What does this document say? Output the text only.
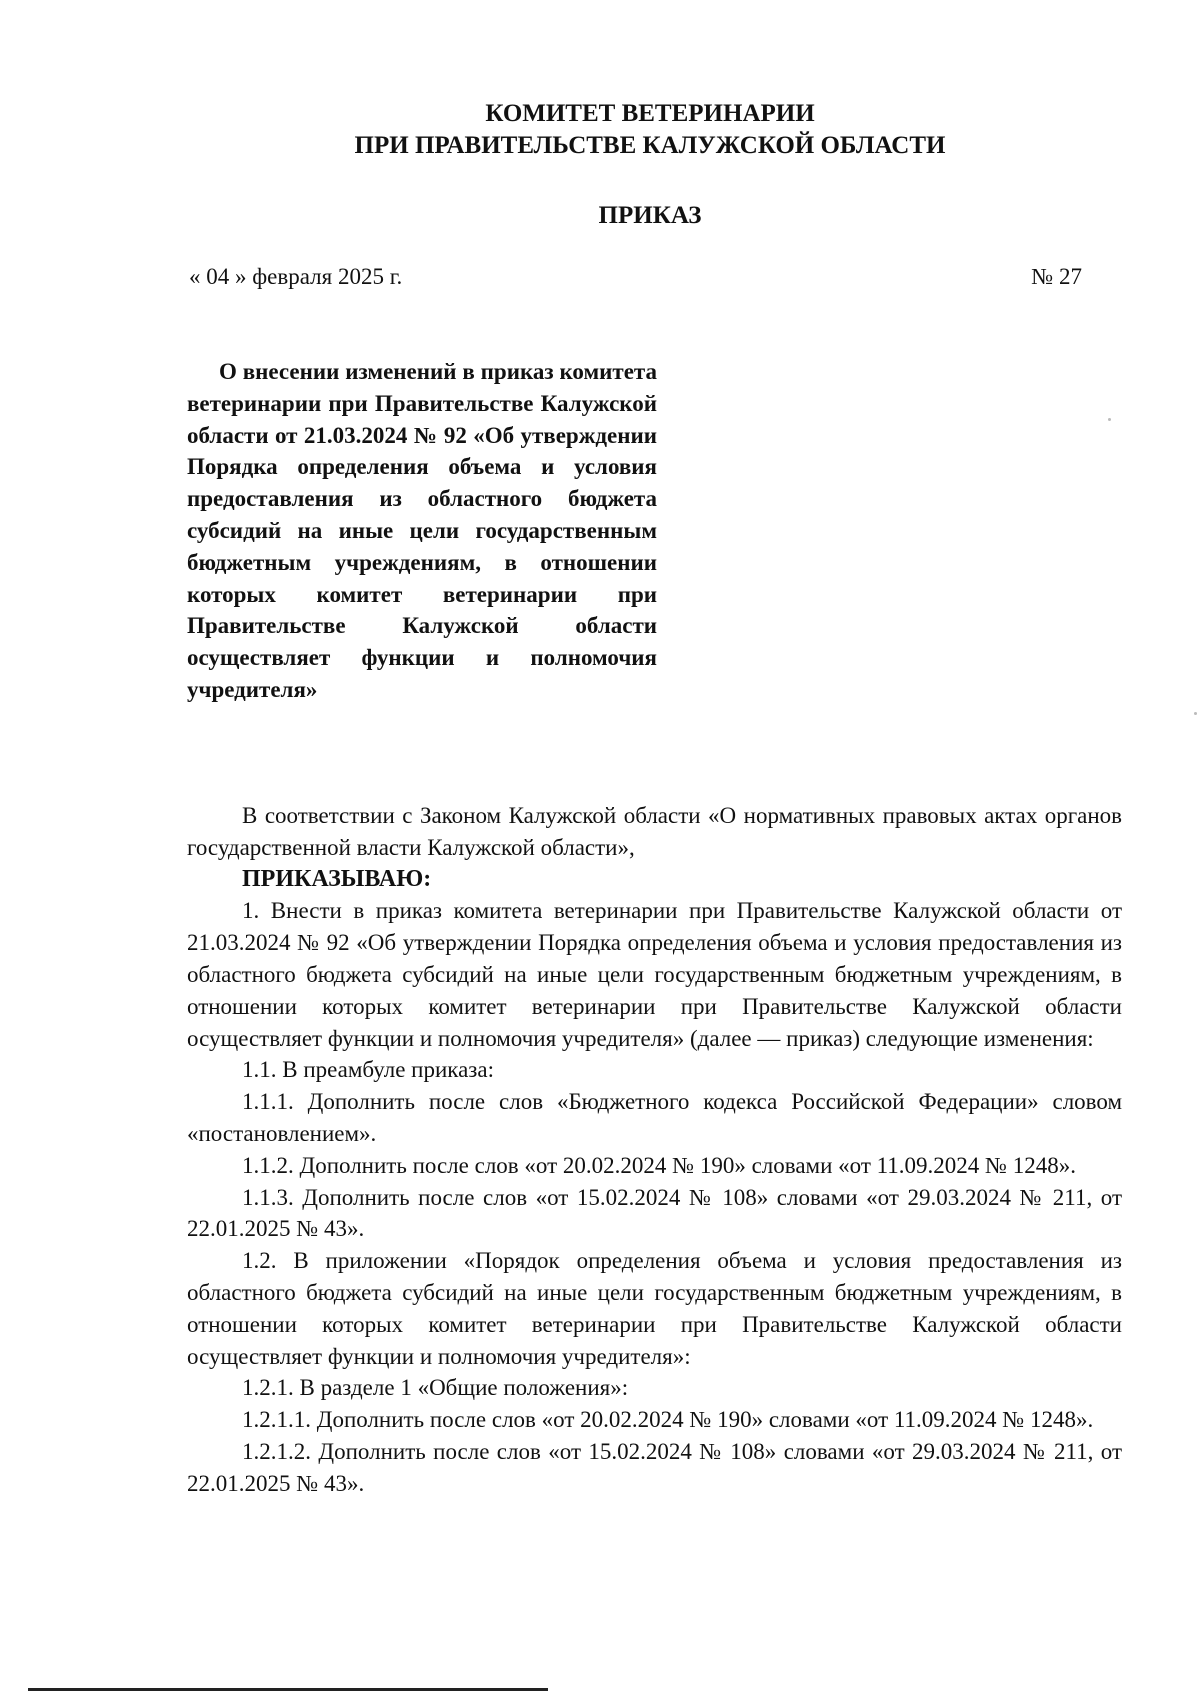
КОМИТЕТ ВЕТЕРИНАРИИ
ПРИ ПРАВИТЕЛЬСТВЕ КАЛУЖСКОЙ ОБЛАСТИ
ПРИКАЗ
« 04 » февраля 2025 г.	№ 27

О внесении изменений в приказ комитета ветеринарии при Правительстве Калужской области от 21.03.2024 № 92 «Об утверждении Порядка определения объема и условия предоставления из областного бюджета субсидий на иные цели государственным бюджетным учреждениям, в отношении которых комитет ветеринарии при Правительстве Калужской области осуществляет функции и полномочия учредителя»

В соответствии с Законом Калужской области «О нормативных правовых актах органов государственной власти Калужской области»,

ПРИКАЗЫВАЮ:

1. Внести в приказ комитета ветеринарии при Правительстве Калужской области от 21.03.2024 № 92 «Об утверждении Порядка определения объема и условия предоставления из областного бюджета субсидий на иные цели государственным бюджетным учреждениям, в отношении которых комитет ветеринарии при Правительстве Калужской области осуществляет функции и полномочия учредителя» (далее — приказ) следующие изменения:

1.1. В преамбуле приказа:

1.1.1. Дополнить после слов «Бюджетного кодекса Российской Федерации» словом «постановлением».

1.1.2. Дополнить после слов «от 20.02.2024 № 190» словами «от 11.09.2024 № 1248».

1.1.3. Дополнить после слов «от 15.02.2024 № 108» словами «от 29.03.2024 № 211, от 22.01.2025 № 43».

1.2. В приложении «Порядок определения объема и условия предоставления из областного бюджета субсидий на иные цели государственным бюджетным учреждениям, в отношении которых комитет ветеринарии при Правительстве Калужской области осуществляет функции и полномочия учредителя»:

1.2.1. В разделе 1 «Общие положения»:

1.2.1.1. Дополнить после слов «от 20.02.2024 № 190» словами «от 11.09.2024 № 1248».

1.2.1.2. Дополнить после слов «от 15.02.2024 № 108» словами «от 29.03.2024 № 211, от 22.01.2025 № 43».
